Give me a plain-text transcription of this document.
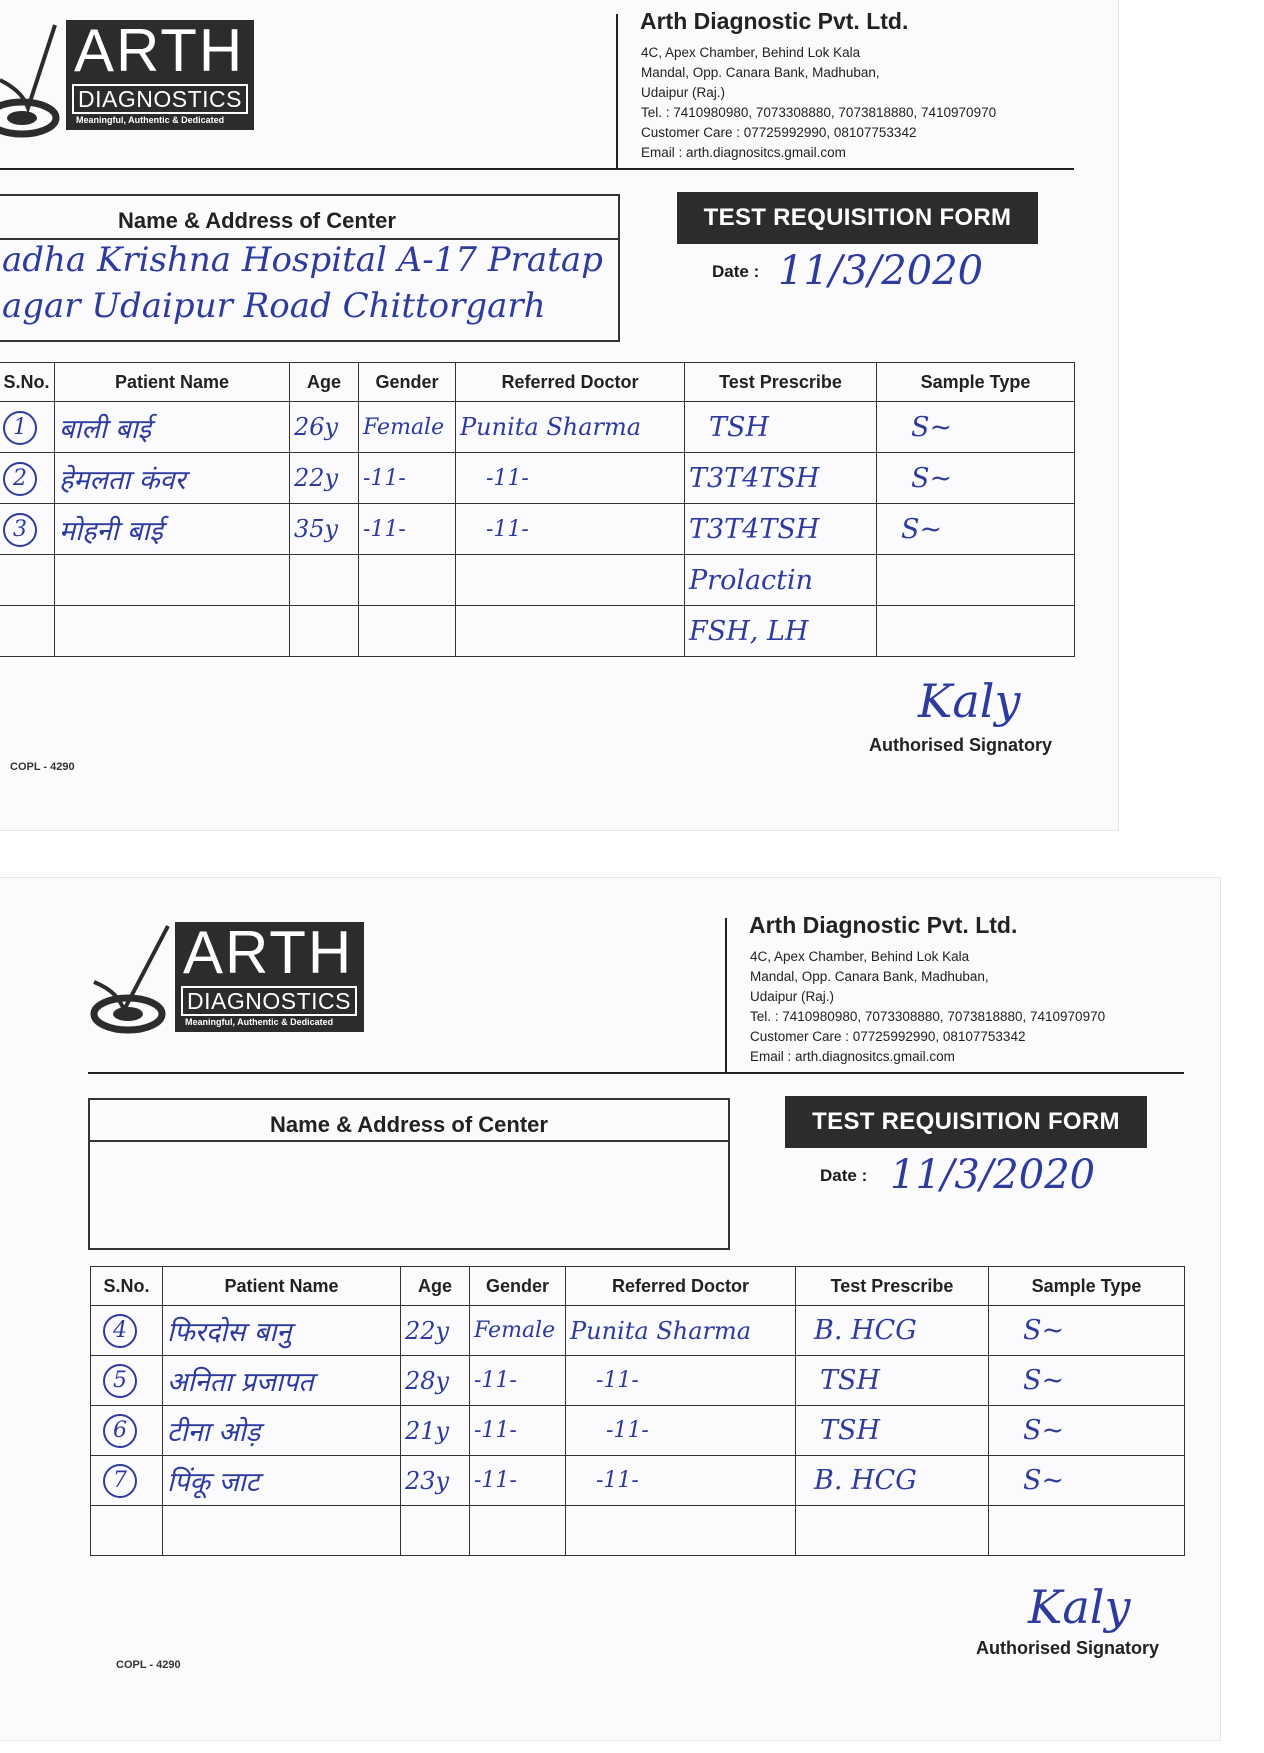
ARTH
DIAGNOSTICS
Meaningful, Authentic & Dedicated
Arth Diagnostic Pvt. Ltd.
4C, Apex Chamber, Behind Lok Kala
Mandal, Opp. Canara Bank, Madhuban,
Udaipur (Raj.)
Tel. : 7410980980, 7073308880, 7073818880, 7410970970
Customer Care : 07725992990, 08107753342
Email : arth.diagnositcs.gmail.com
Name & Address of Center
adha Krishna Hospital A-17 Pratap
agar Udaipur Road Chittorgarh
TEST REQUISITION FORM
Date : 11/3/2020
S.No.	Patient Name	Age	Gender	Referred Doctor	Test Prescribe	Sample Type
1	बाली बाई	26y	Female	Punita Sharma	TSH	S~
2	हेमलता कंवर	22y	-11-	-11-	T3T4TSH	S~
3	मोहनी बाई	35y	-11-	-11-	T3T4TSH	S~
					Prolactin	
					FSH, LH	
Kaly
Authorised Signatory
COPL - 4290
ARTH
DIAGNOSTICS
Meaningful, Authentic & Dedicated
Arth Diagnostic Pvt. Ltd.
4C, Apex Chamber, Behind Lok Kala
Mandal, Opp. Canara Bank, Madhuban,
Udaipur (Raj.)
Tel. : 7410980980, 7073308880, 7073818880, 7410970970
Customer Care : 07725992990, 08107753342
Email : arth.diagnositcs.gmail.com
Name & Address of Center	TEST REQUISITION FORM
Date : 11/3/2020
S.No.	Patient Name	Age	Gender	Referred Doctor	Test Prescribe	Sample Type
4	फिरदोस बानु	22y	Female	Punita Sharma	B. HCG	S~
5	अनिता प्रजापत	28y	-11-	-11-	TSH	S~
6	टीना ओड़	21y	-11-	-11-	TSH	S~
7	पिंकू जाट	23y	-11-	-11-	B. HCG	S~

Kaly
Authorised Signatory
COPL - 4290
